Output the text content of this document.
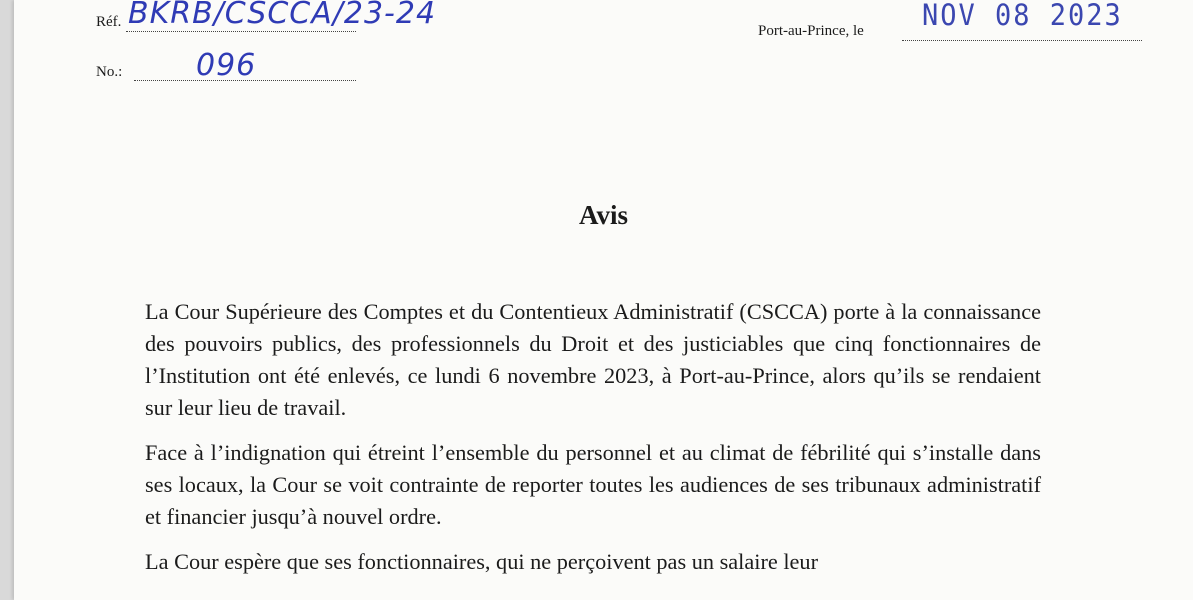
Réf. BKRB/CSCCA/23-24
No.: 096
Port-au-Prince, le NOV 08 2023
Avis

La Cour Supérieure des Comptes et du Contentieux Administratif (CSCCA) porte à la connaissance des pouvoirs publics, des professionnels du Droit et des justiciables que cinq fonctionnaires de l’Institution ont été enlevés, ce lundi 6 novembre 2023, à Port-au-Prince, alors qu’ils se rendaient sur leur lieu de travail.

Face à l’indignation qui étreint l’ensemble du personnel et au climat de fébrilité qui s’installe dans ses locaux, la Cour se voit contrainte de reporter toutes les audiences de ses tribunaux administratif et financier jusqu’à nouvel ordre.

La Cour espère que ses fonctionnaires, qui ne perçoivent pas un salaire leur
